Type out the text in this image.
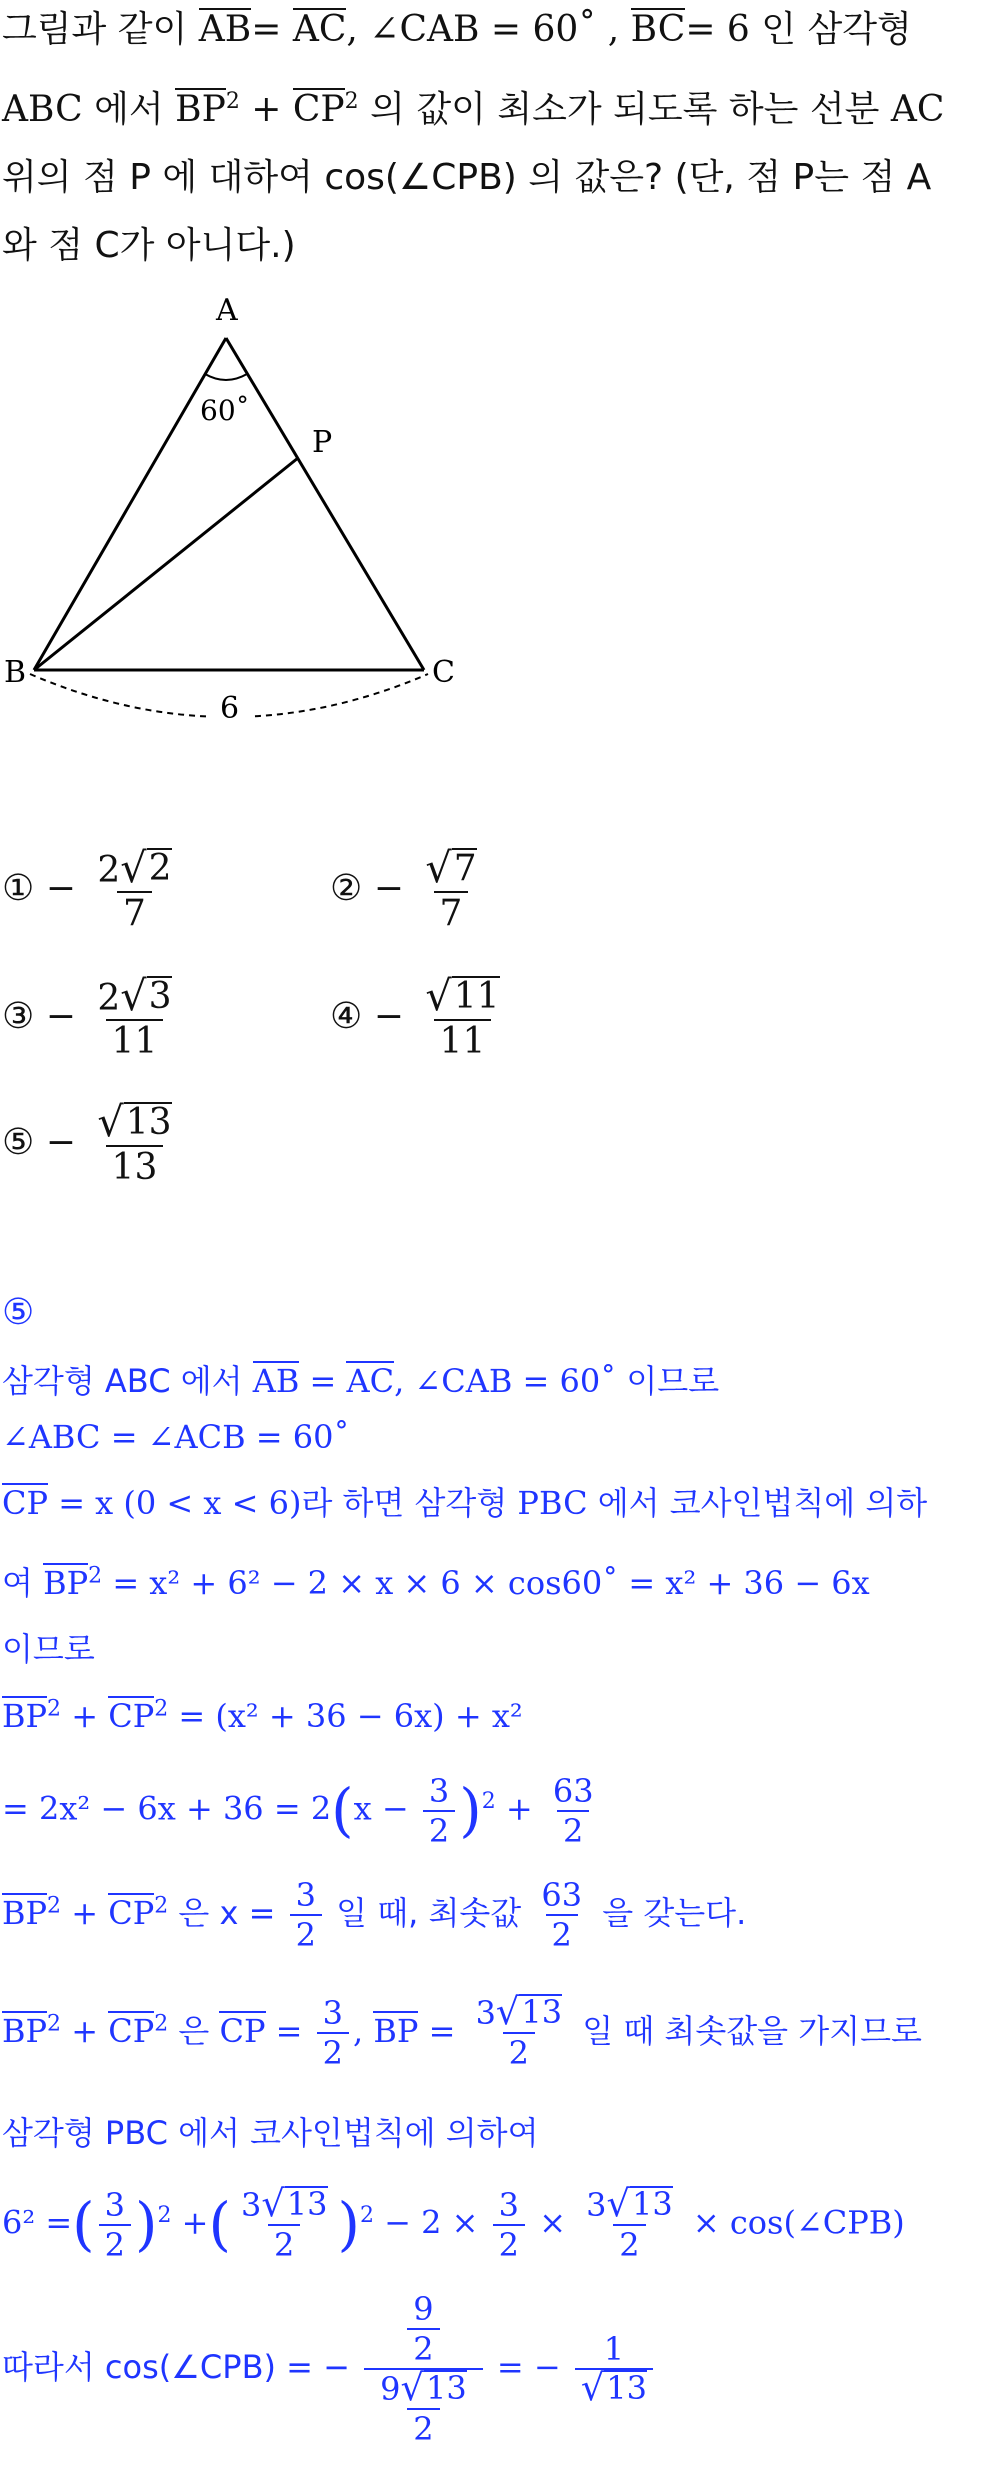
그림과 같이 AB= AC, ∠CAB = 60˚ , BC= 6 인 삼각형
ABC 에서 $BP^2 + CP^2$ 의 값이 최소가 되도록 하는 선분 AC
위의 점 P 에 대하여 cos(∠CPB) 의 값은? (단, 점 P는 점 A
와 점 C가 아니다.)
A
B	C
P
60˚
6
① − $\frac{2 √ 2}{7}$	② − $\frac{√ 7}{7}$
③ − $\frac{2 √ 3}{11}$	④ − $\frac{√ 11}{11}$
⑤ − $\frac{√ 13}{13}$
⑤
삼각형 ABC 에서 AB = AC, ∠CAB = 60˚ 이므로
∠ABC = ∠ACB = 60˚
CP = x (0 < x < 6)라 하면 삼각형 PBC 에서 코사인법칙에 의하
여 $BP^2 = x^2 + 6^2 - 2 \times x \times 6$ × cos60˚ = x² + 36 − 6x
이므로
$BP^2 + CP^2 = (x^2 + 36 - 6x) + x^2$
= $2x^2 - 6x + 36 = 2(x - \frac{3}{2} )^2 + \frac{63}{2}$
$BP^2 + CP^2$ 은 $x = \frac{3}{2}$ 일 때, 최솟값 $\frac{63}{2}$ 을 갖는다.
$BP^2 + CP^2$ 은 CP = $\frac{3}{2}$ , BP = $\frac{3 √ 13}{2}$ 일 때 최솟값을 가지므로
삼각형 PBC 에서 코사인법칙에 의하여
6² =( $\frac{3}{2} )^2$ +( $\frac{3 √ 13}{2} )^2 - 2 \times \frac{3}{2} \times \frac{3 √ 13}{2}$ × cos(∠CPB)
따라서 cos(∠CPB) = − $\frac{\frac{9}{2}}{\frac{9 √ 13}{2}}$ = − $\frac{1}{√ 13}$
